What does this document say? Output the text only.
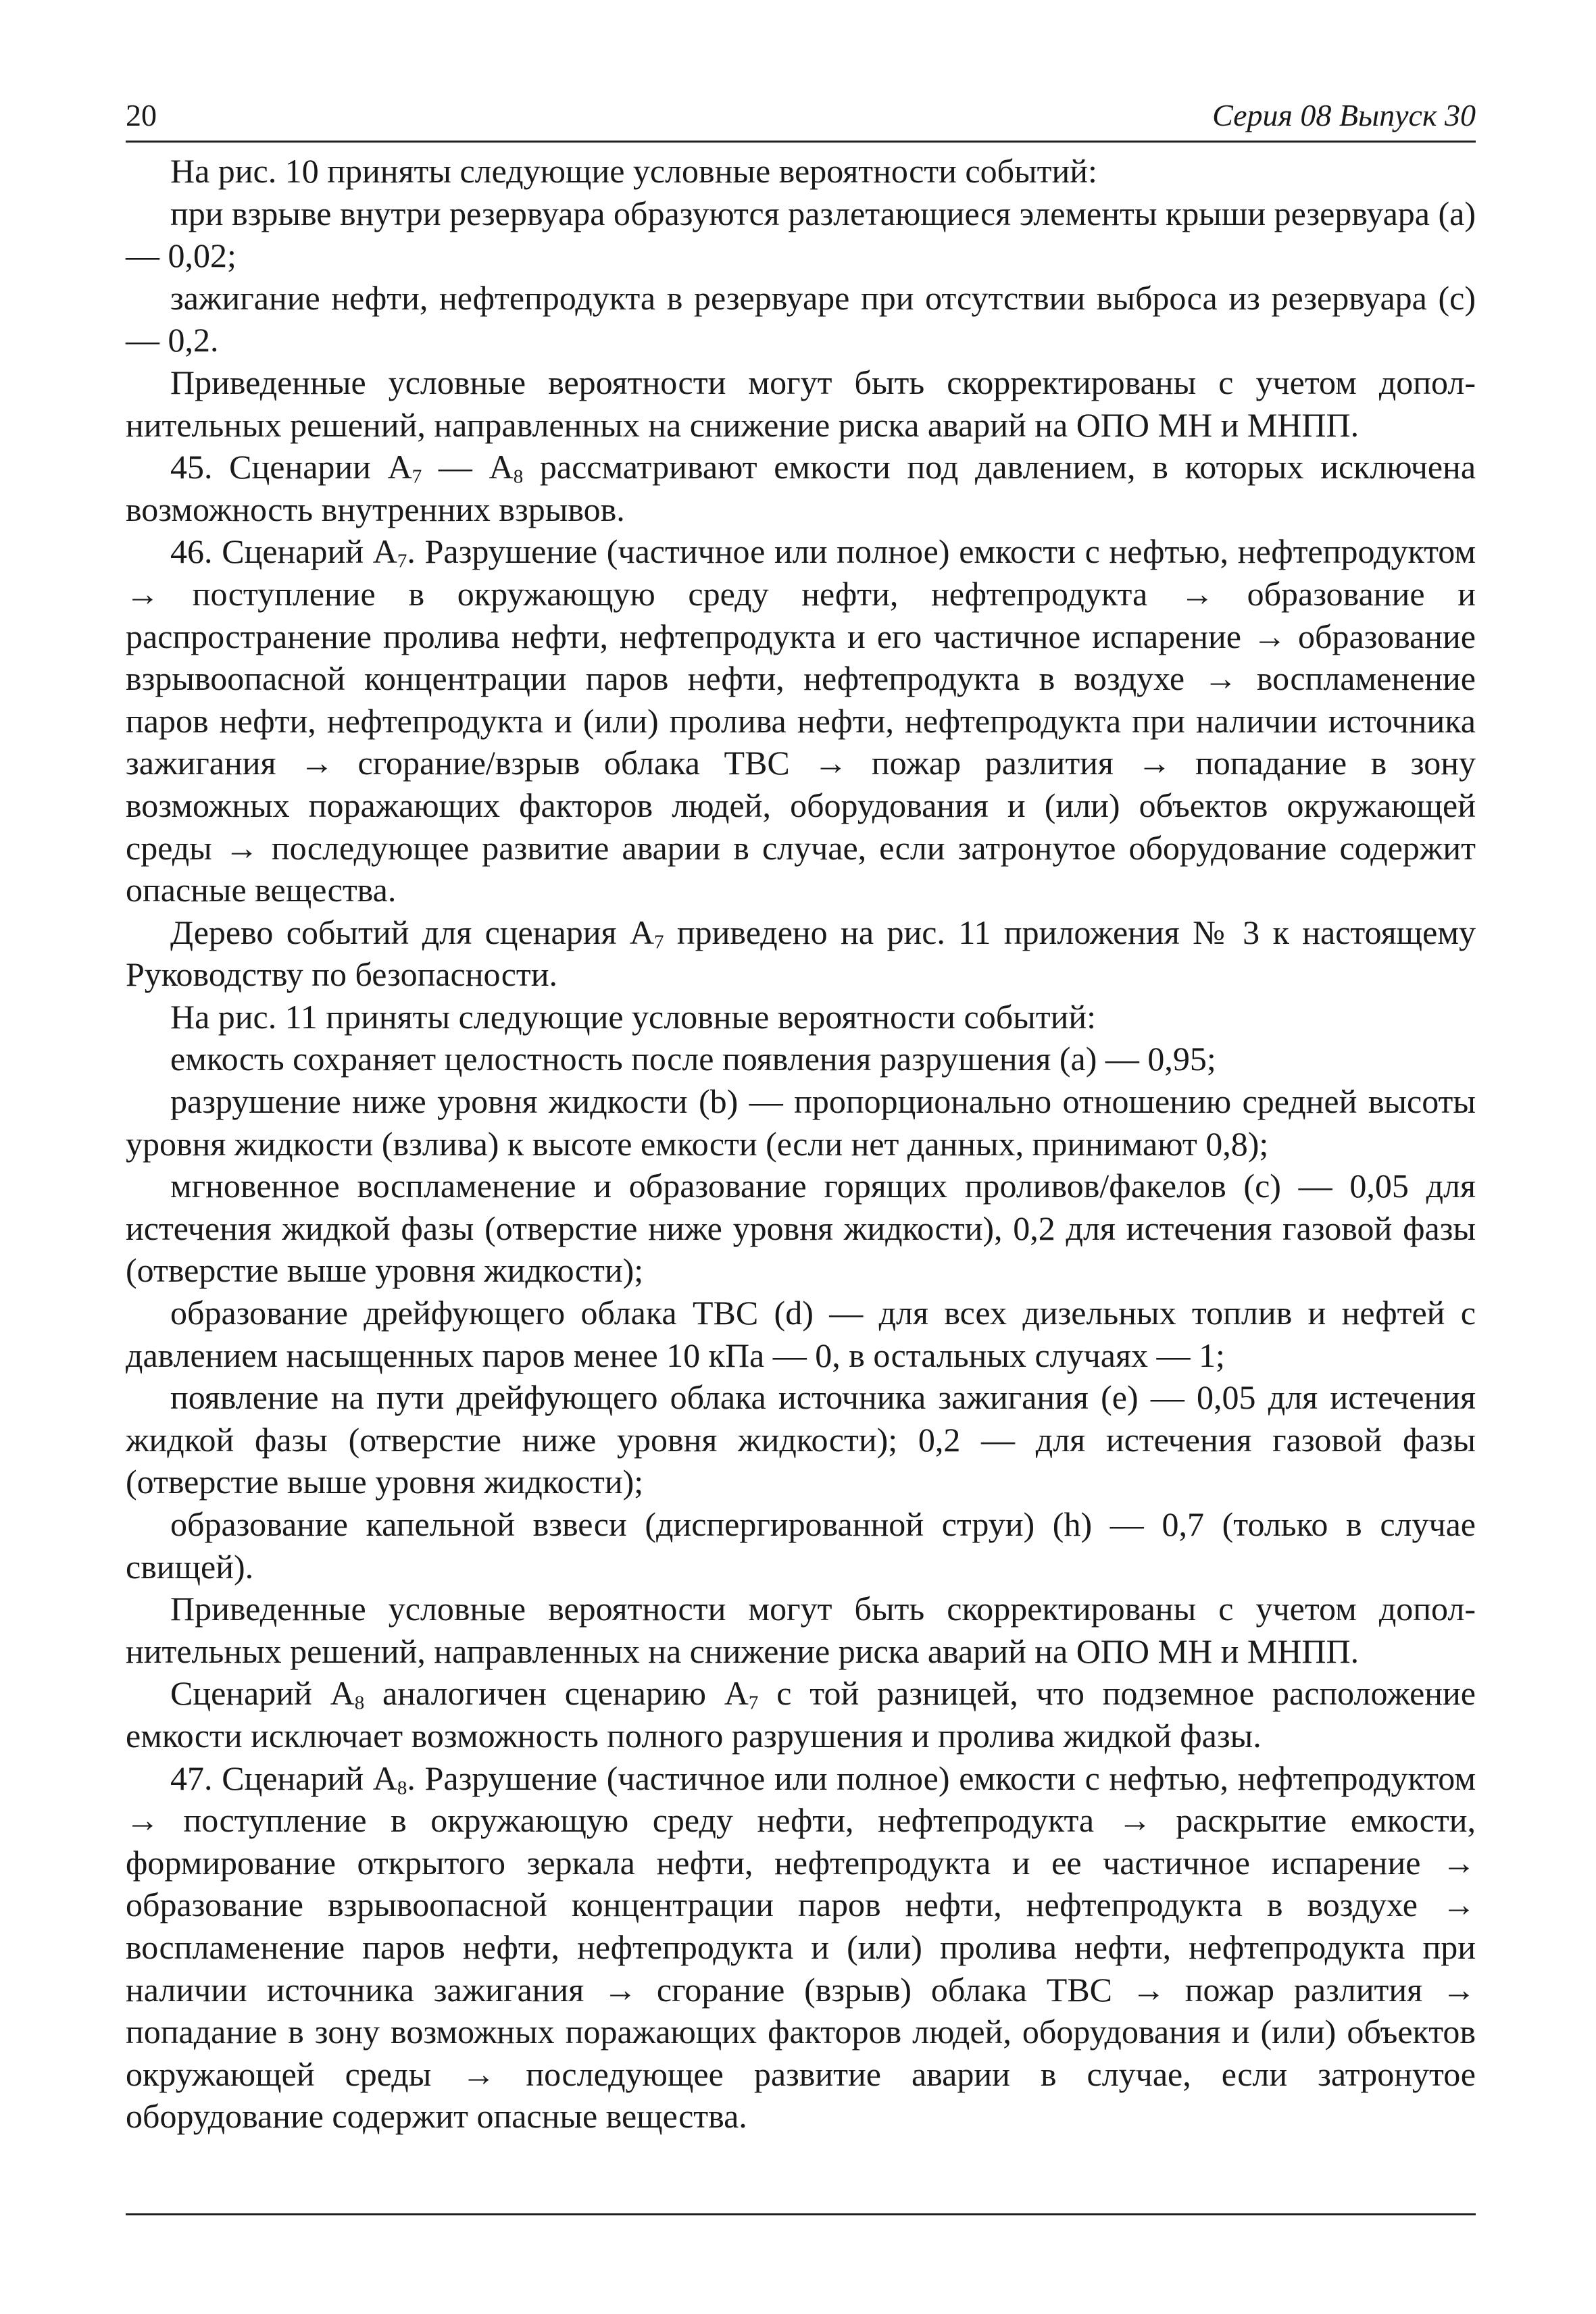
20	Серия 08 Выпуск 30

На рис. 10 приняты следующие условные вероятности событий:

при взрыве внутри резервуара образуются разлетающиеся элементы крыши резервуара (a) — 0,02;

зажигание нефти, нефтепродукта в резервуаре при отсутствии выброса из резервуара (c) — 0,2.

Приведенные условные вероятности могут быть скорректированы с учетом дополнительных решений, направленных на снижение риска аварий на ОПО МН и МНПП.

45. Сценарии $А_7$ — $А_8$ рассматривают емкости под давлением, в которых исключена возможность внутренних взрывов.

46. Сценарий $А_7$. Разрушение (частичное или полное) емкости с нефтью, нефтепродуктом → поступление в окружающую среду нефти, нефтепродукта → образование и распространение пролива нефти, нефтепродукта и его частичное испарение → образование взрывоопасной концентрации паров нефти, нефтепродукта в воздухе → воспламенение паров нефти, нефтепродукта и (или) пролива нефти, нефтепродукта при наличии источника зажигания → сгорание/взрыв облака ТВС → пожар разлития → попадание в зону возможных поражающих факторов людей, оборудования и (или) объектов окружающей среды → последующее развитие аварии в случае, если затронутое оборудование содержит опасные вещества.

Дерево событий для сценария $А_7$ приведено на рис. 11 приложения № 3 к настоящему Руководству по безопасности.

На рис. 11 приняты следующие условные вероятности событий:

емкость сохраняет целостность после появления разрушения (a) — 0,95;

разрушение ниже уровня жидкости (b) — пропорционально отношению средней высоты уровня жидкости (взлива) к высоте емкости (если нет данных, принимают 0,8);

мгновенное воспламенение и образование горящих проливов/факелов (c) — 0,05 для истечения жидкой фазы (отверстие ниже уровня жидкости), 0,2 для истечения газовой фазы (отверстие выше уровня жидкости);

образование дрейфующего облака ТВС (d) — для всех дизельных топлив и нефтей с давлением насыщенных паров менее 10 кПа — 0, в остальных случаях — 1;

появление на пути дрейфующего облака источника зажигания (e) — 0,05 для истечения жидкой фазы (отверстие ниже уровня жидкости); 0,2 — для истечения газовой фазы (отверстие выше уровня жидкости);

образование капельной взвеси (диспергированной струи) (h) — 0,7 (только в случае свищей).

Приведенные условные вероятности могут быть скорректированы с учетом дополнительных решений, направленных на снижение риска аварий на ОПО МН и МНПП.

Сценарий $А_8$ аналогичен сценарию $А_7$ с той разницей, что подземное расположение емкости исключает возможность полного разрушения и пролива жидкой фазы.

47. Сценарий $А_8$. Разрушение (частичное или полное) емкости с нефтью, нефтепродуктом → поступление в окружающую среду нефти, нефтепродукта → раскрытие емкости, формирование открытого зеркала нефти, нефтепродукта и ее частичное испарение → образование взрывоопасной концентрации паров нефти, нефтепродукта в воздухе → воспламенение паров нефти, нефтепродукта и (или) пролива нефти, нефтепродукта при наличии источника зажигания → сгорание (взрыв) облака ТВС → пожар разлития → попадание в зону возможных поражающих факторов людей, оборудования и (или) объектов окружающей среды → последующее развитие аварии в случае, если затронутое оборудование содержит опасные вещества.
